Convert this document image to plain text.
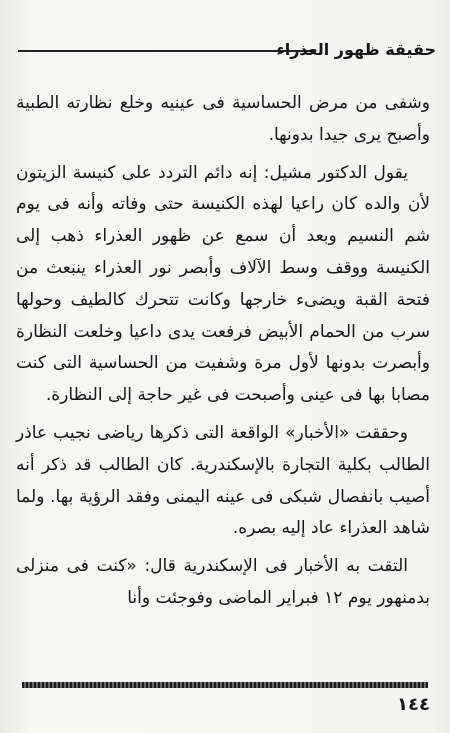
حقيقة ظهور العذراء

وشفى من مرض الحساسية فى عينيه وخلع نظارته الطبية وأصبح يرى جيدا بدونها.

يقول الدكتور مشيل: إنه دائم التردد على كنيسة الزيتون لأن والده كان راعيا لهذه الكنيسة حتى وفاته وأنه فى يوم شم النسيم وبعد أن سمع عن ظهور العذراء ذهب إلى الكنيسة ووقف وسط الآلاف وأبصر نور العذراء ينبعث من فتحة القبة ويضىء خارجها وكانت تتحرك كالطيف وحولها سرب من الحمام الأبيض فرفعت يدى داعيا وخلعت النظارة وأبصرت بدونها لأول مرة وشفيت من الحساسية التى كنت مصابا بها فى عينى وأصبحت فى غير حاجة إلى النظارة.

وحققت «الأخبار» الواقعة التى ذكرها رياضى نجيب عاذر الطالب بكلية التجارة بالإسكندرية. كان الطالب قد ذكر أنه أصيب بانفصال شبكى فى عينه اليمنى وفقد الرؤية بها. ولما شاهد العذراء عاد إليه بصره.

التقت به الأخبار فى الإسكندرية قال: «كنت فى منزلى بدمنهور يوم ١٢ فبراير الماضى وفوجئت وأنا

١٤٤
